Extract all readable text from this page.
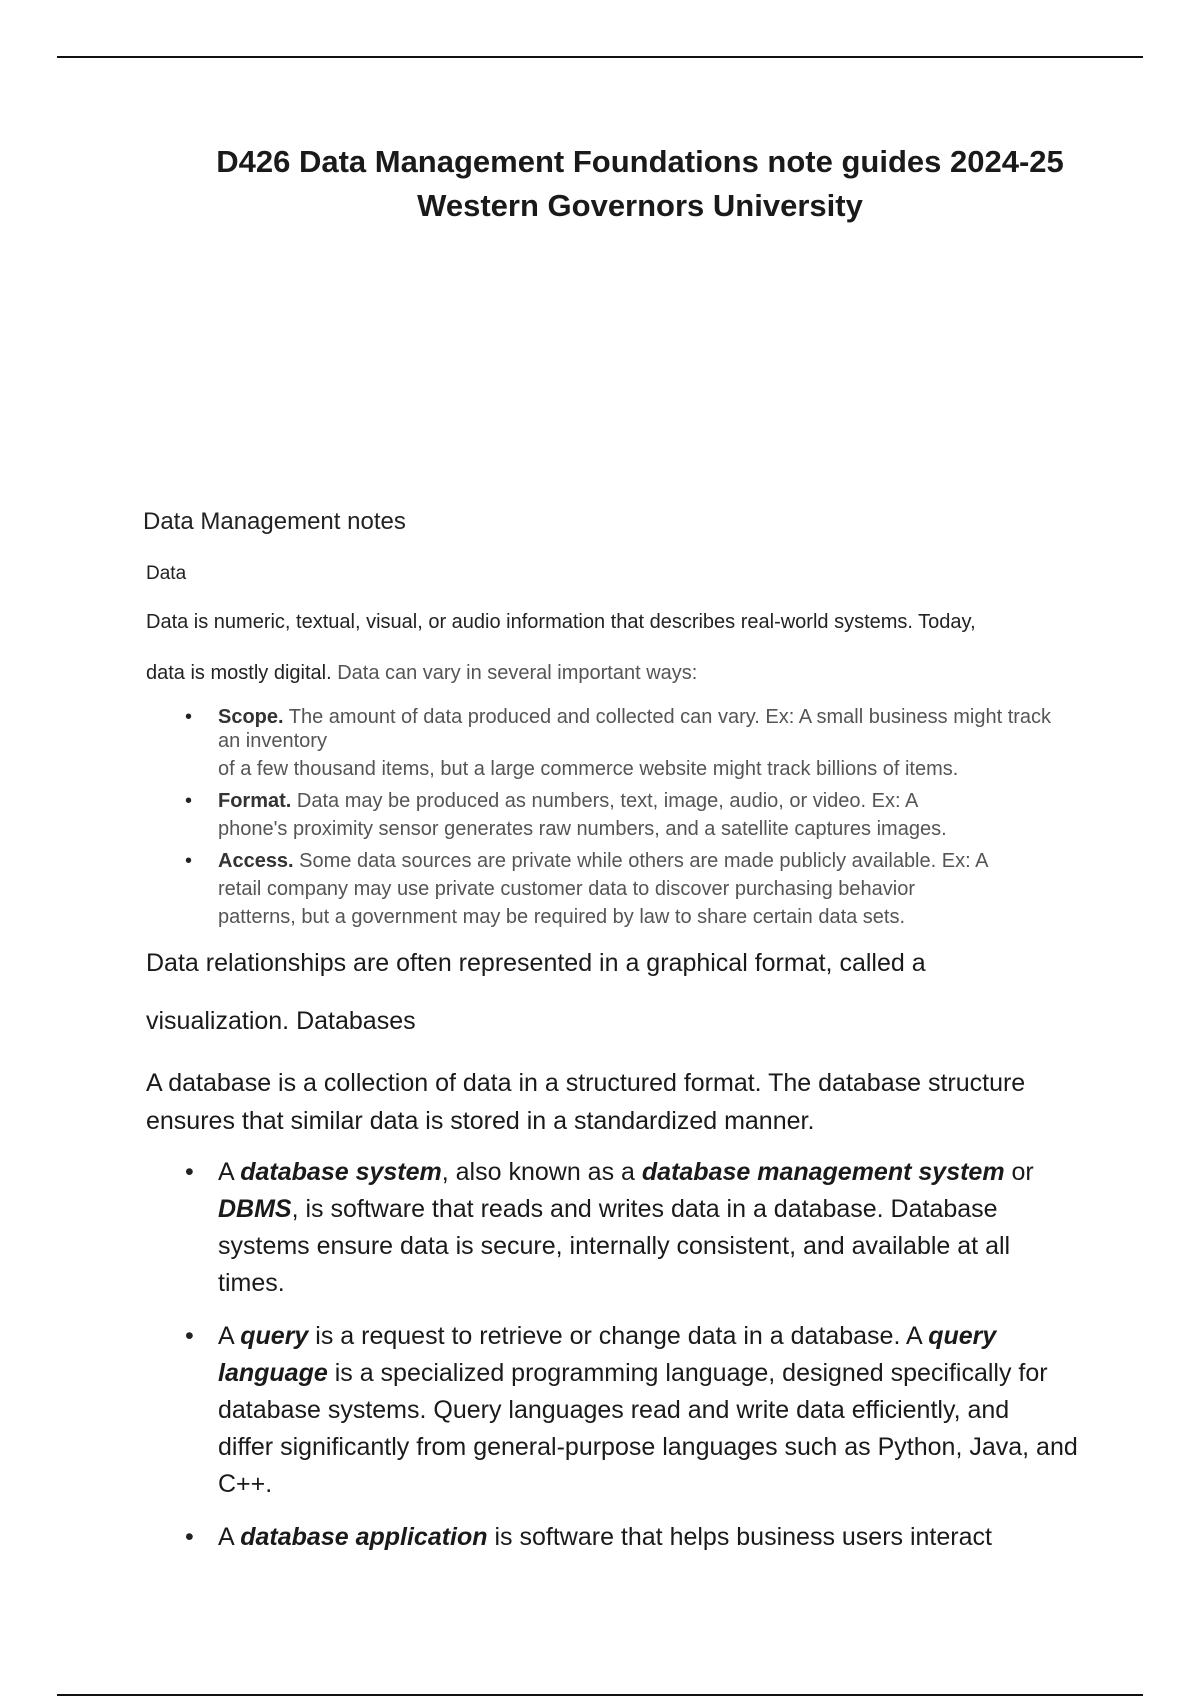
D426 Data Management Foundations note guides 2024-25
Western Governors University
Data Management notes
Data
Data is numeric, textual, visual, or audio information that describes real-world systems. Today,
data is mostly digital. Data can vary in several important ways:
• Scope. The amount of data produced and collected can vary. Ex: A small business might track
an inventory
of a few thousand items, but a large commerce website might track billions of items.
• Format. Data may be produced as numbers, text, image, audio, or video. Ex: A
phone's proximity sensor generates raw numbers, and a satellite captures images.
• Access. Some data sources are private while others are made publicly available. Ex: A
retail company may use private customer data to discover purchasing behavior
patterns, but a government may be required by law to share certain data sets.
Data relationships are often represented in a graphical format, called a
visualization. Databases
A database is a collection of data in a structured format. The database structure
ensures that similar data is stored in a standardized manner.
• A database system, also known as a database management system or
DBMS, is software that reads and writes data in a database. Database
systems ensure data is secure, internally consistent, and available at all
times.
• A query is a request to retrieve or change data in a database. A query
language is a specialized programming language, designed specifically for
database systems. Query languages read and write data efficiently, and
differ significantly from general-purpose languages such as Python, Java, and
C++.
• A database application is software that helps business users interact
